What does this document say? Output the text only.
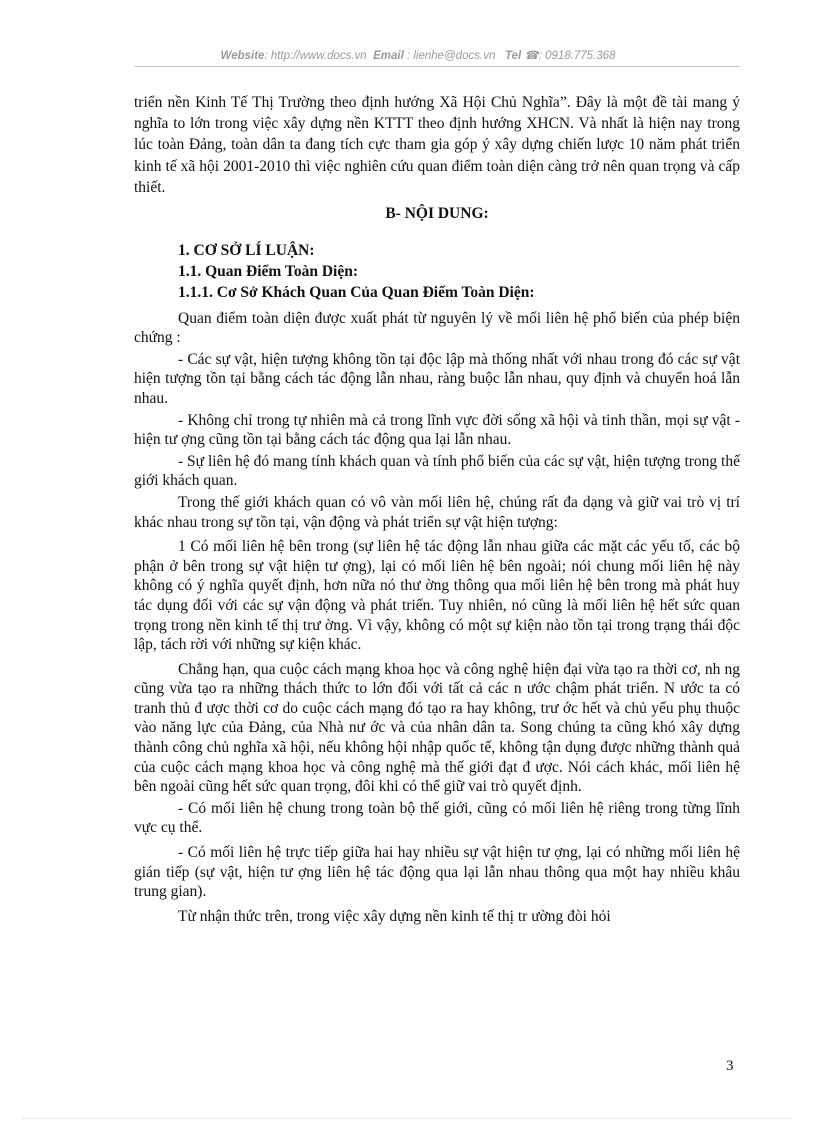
Website: http://www.docs.vn Email : lienhe@docs.vn Tel ☎: 0918.775.368

triển nền Kinh Tế Thị Trường theo định hướng Xã Hội Chủ Nghĩa”. Đây là một đề tài mang ý nghĩa to lớn trong việc xây dựng nền KTTT theo định hướng XHCN. Và nhất là hiện nay trong lúc toàn Đảng, toàn dân ta đang tích cực tham gia góp ý xây dựng chiến lược 10 năm phát triển kinh tế xã hội 2001-2010 thì việc nghiên cứu quan điểm toàn diện càng trở nên quan trọng và cấp thiết.

B- NỘI DUNG:

1. CƠ SỞ LÍ LUẬN:

1.1. Quan Điểm Toàn Diện:

1.1.1. Cơ Sở Khách Quan Của Quan Điểm Toàn Diện:

Quan điểm toàn diện được xuất phát từ nguyên lý về mối liên hệ phổ biến của phép biện chứng :

- Các sự vật, hiện tượng không tồn tại độc lập mà thống nhất với nhau trong đó các sự vật hiện tượng tồn tại bằng cách tác động lẫn nhau, ràng buộc lẫn nhau, quy định và chuyển hoá lẫn nhau.

- Không chỉ trong tự nhiên mà cả trong lĩnh vực đời sống xã hội và tinh thần, mọi sự vật - hiện tư ợng cũng tồn tại bằng cách tác động qua lại lẫn nhau.

- Sự liên hệ đó mang tính khách quan và tính phổ biến của các sự vật, hiện tượng trong thế giới khách quan.

Trong thế giới khách quan có vô vàn mối liên hệ, chúng rất đa dạng và giữ vai trò vị trí khác nhau trong sự tồn tại, vận động và phát triển sự vật hiện tượng:

1 Có mối liên hệ bên trong (sự liên hệ tác động lẫn nhau giữa các mặt các yếu tố, các bộ phận ở bên trong sự vật hiện tư ợng), lại có mối liên hệ bên ngoài; nói chung mối liên hệ này không có ý nghĩa quyết định, hơn nữa nó thư ờng thông qua mối liên hệ bên trong mà phát huy tác dụng đối với các sự vận động và phát triển. Tuy nhiên, nó cũng là mối liên hệ hết sức quan trọng trong nền kinh tế thị trư ờng. Vì vậy, không có một sự kiện nào tồn tại trong trạng thái độc lập, tách rời với những sự kiện khác.

Chẳng hạn, qua cuộc cách mạng khoa học và công nghệ hiện đại vừa tạo ra thời cơ, nh ng cũng vừa tạo ra những thách thức to lớn đối với tất cả các n ước chậm phát triển. N ước ta có tranh thủ đ ược thời cơ do cuộc cách mạng đó tạo ra hay không, trư ớc hết và chủ yếu phụ thuộc vào năng lực của Đảng, của Nhà nư ớc và của nhân dân ta. Song chúng ta cũng khó xây dựng thành công chủ nghĩa xã hội, nếu không hội nhập quốc tế, không tận dụng được những thành quả của cuộc cách mạng khoa học và công nghệ mà thế giới đạt đ ược. Nói cách khác, mối liên hệ bên ngoài cũng hết sức quan trọng, đôi khi có thể giữ vai trò quyết định.

- Có mối liên hệ chung trong toàn bộ thế giới, cũng có mối liên hệ riêng trong từng lĩnh vực cụ thể.

- Có mối liên hệ trực tiếp giữa hai hay nhiều sự vật hiện tư ợng, lại có những mối liên hệ gián tiếp (sự vật, hiện tư ợng liên hệ tác động qua lại lẫn nhau thông qua một hay nhiều khâu trung gian).

Từ nhận thức trên, trong việc xây dựng nền kinh tế thị tr ường đòi hỏi

3
